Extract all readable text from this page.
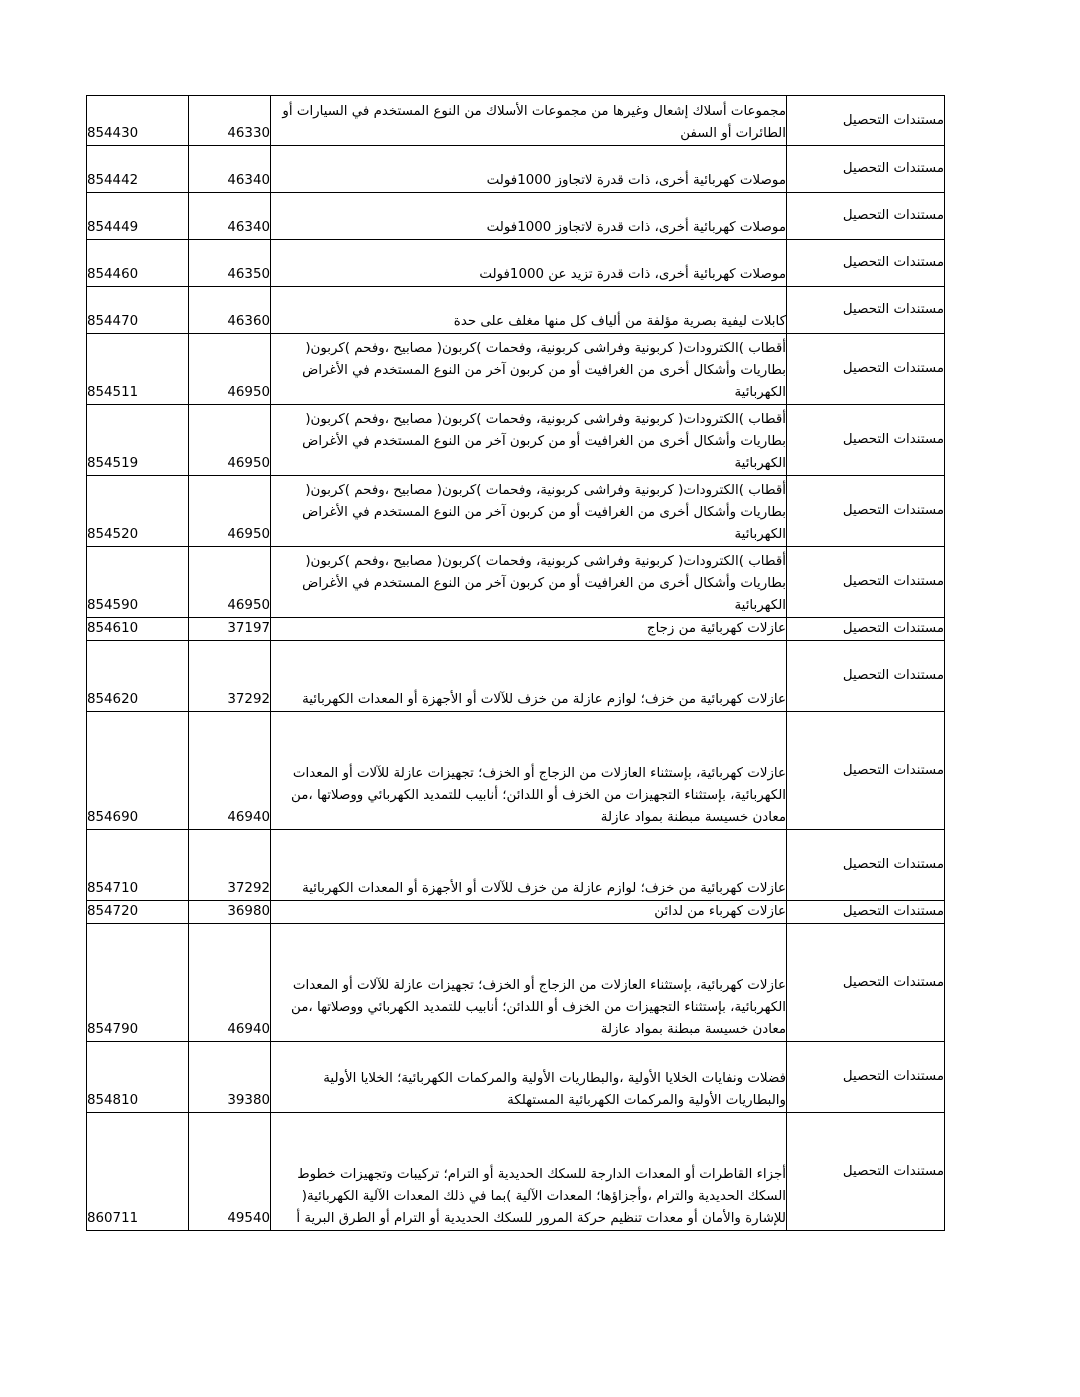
854430	46330	مجموعات أسلاك إشعال وغيرها من مجموعات الأسلاك من النوع المستخدم في السيارات أو الطائرات أو السفن	مستندات التحصيل
854442	46340	موصلات كهربائية أخرى، ذات قدرة لاتجاوز 1000فولت	مستندات التحصيل
854449	46340	موصلات كهربائية أخرى، ذات قدرة لاتجاوز 1000فولت	مستندات التحصيل
854460	46350	موصلات كهربائية أخرى، ذات قدرة تزيد عن 1000فولت	مستندات التحصيل
854470	46360	كابلات ليفية بصرية مؤلفة من ألياف كل منها مغلف على حدة	مستندات التحصيل
854511	46950	أقطاب )الكترودات( كربونية وفراشى كربونية، وفحمات )كربون( مصابيح ،وفحم )كربون( بطاريات وأشكال أخرى من الغرافيت أو من كربون آخر من النوع المستخدم في الأغراض الكهربائية	مستندات التحصيل
854519	46950	أقطاب )الكترودات( كربونية وفراشى كربونية، وفحمات )كربون( مصابيح ،وفحم )كربون( بطاريات وأشكال أخرى من الغرافيت أو من كربون آخر من النوع المستخدم في الأغراض الكهربائية	مستندات التحصيل
854520	46950	أقطاب )الكترودات( كربونية وفراشى كربونية، وفحمات )كربون( مصابيح ،وفحم )كربون( بطاريات وأشكال أخرى من الغرافيت أو من كربون آخر من النوع المستخدم في الأغراض الكهربائية	مستندات التحصيل
854590	46950	أقطاب )الكترودات( كربونية وفراشى كربونية، وفحمات )كربون( مصابيح ،وفحم )كربون( بطاريات وأشكال أخرى من الغرافيت أو من كربون آخر من النوع المستخدم في الأغراض الكهربائية	مستندات التحصيل
854610	37197	عازلات كهربائية من زجاج	مستندات التحصيل
854620	37292	عازلات كهربائية من خزف؛ لوازم عازلة من خزف للآلات أو الأجهزة أو المعدات الكهربائية	مستندات التحصيل
854690	46940	عازلات كهربائية، بإستثناء العازلات من الزجاج أو الخزف؛ تجهيزات عازلة للآلات أو المعدات الكهربائية، بإستثناء التجهيزات من الخزف أو اللدائن؛ أنابيب للتمديد الكهربائي ووصلاتها ،من معادن خسيسة مبطنة بمواد عازلة	مستندات التحصيل
854710	37292	عازلات كهربائية من خزف؛ لوازم عازلة من خزف للآلات أو الأجهزة أو المعدات الكهربائية	مستندات التحصيل
854720	36980	عازلات كهرباء من لدائن	مستندات التحصيل
854790	46940	عازلات كهربائية، بإستثناء العازلات من الزجاج أو الخزف؛ تجهيزات عازلة للآلات أو المعدات الكهربائية، بإستثناء التجهيزات من الخزف أو اللدائن؛ أنابيب للتمديد الكهربائي ووصلاتها ،من معادن خسيسة مبطنة بمواد عازلة	مستندات التحصيل
854810	39380	فضلات ونفايات الخلايا الأولية ،والبطاريات الأولية والمركمات الكهربائية؛ الخلايا الأولية والبطاريات الأولية والمركمات الكهربائية المستهلكة	مستندات التحصيل
860711	49540	أجزاء القاطرات أو المعدات الدارجة للسكك الحديدية أو الترام؛ تركيبات وتجهيزات خطوط السكك الحديدية والترام ،وأجزاؤها؛ المعدات الآلية )بما في ذلك المعدات الآلية الكهربائية( للإشارة والأمان أو معدات تنظيم حركة المرور للسكك الحديدية أو الترام أو الطرق البرية أ	مستندات التحصيل
